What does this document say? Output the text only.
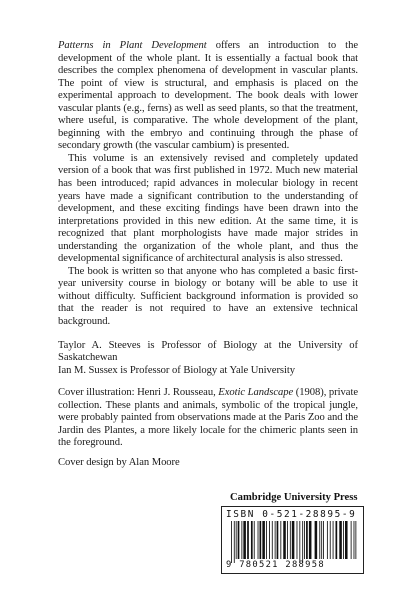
Patterns in Plant Development offers an introduction to the development of the whole plant. It is essentially a factual book that describes the complex phenomena of development in vascular plants. The point of view is structural, and emphasis is placed on the experimental approach to development. The book deals with lower vascular plants (e.g., ferns) as well as seed plants, so that the treatment, where useful, is comparative. The whole development of the plant, beginning with the embryo and continuing through the phase of secondary growth (the vascular cambium) is presented.

This volume is an extensively revised and completely updated version of a book that was first published in 1972. Much new material has been introduced; rapid advances in molecular biology in recent years have made a significant contribution to the understanding of development, and these exciting findings have been drawn into the interpretations provided in this new edition. At the same time, it is recognized that plant morphologists have made major strides in understanding the organization of the whole plant, and thus the developmental significance of architectural analysis is also stressed.

The book is written so that anyone who has completed a basic first-year university course in biology or botany will be able to use it without difficulty. Sufficient background information is provided so that the reader is not required to have an extensive technical background.

Taylor A. Steeves is Professor of Biology at the University of Saskatchewan

Ian M. Sussex is Professor of Biology at Yale University

Cover illustration: Henri J. Rousseau, Exotic Landscape (1908), private collection. These plants and animals, symbolic of the tropical jungle, were probably painted from observations made at the Paris Zoo and the Jardin des Plantes, a more likely locale for the chimeric plants seen in the foreground.

Cover design by Alan Moore

Cambridge University Press
ISBN 0-521-28895-9
9 780521 288958
